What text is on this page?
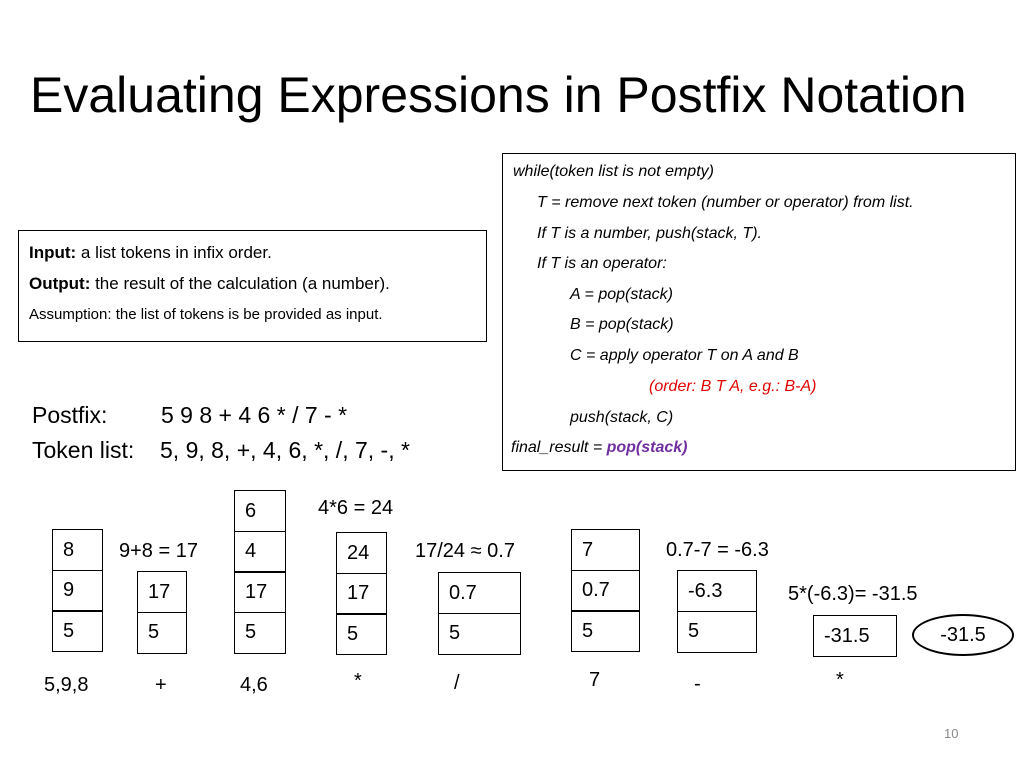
Evaluating Expressions in Postfix Notation
Input: a list tokens in infix order.
Output: the result of the calculation (a number).
Assumption: the list of tokens is be provided as input.
while(token list is not empty)
T = remove next token (number or operator) from list.
If T is a number, push(stack, T).
If T is an operator:
A = pop(stack)
B = pop(stack)
C = apply operator T on A and B
(order: B T A, e.g.: B-A)
push(stack, C)
final_result = pop(stack)
Postfix: 5 9 8 + 4 6 * / 7 - *
Token list: 5, 9, 8, +, 4, 6, *, /, 7, -, *
8
9
5
17
5
6
4
17
5
24
17
5
0.7
5
7
0.7
5
-6.3
5	-31.5
9+8 = 17
4*6 = 24
17/24 ≈ 0.7	0.7-7 = -6.3
5*(-6.3)= -31.5
-31.5
5,9,8	+	4,6	*	/	7	-	*
10
